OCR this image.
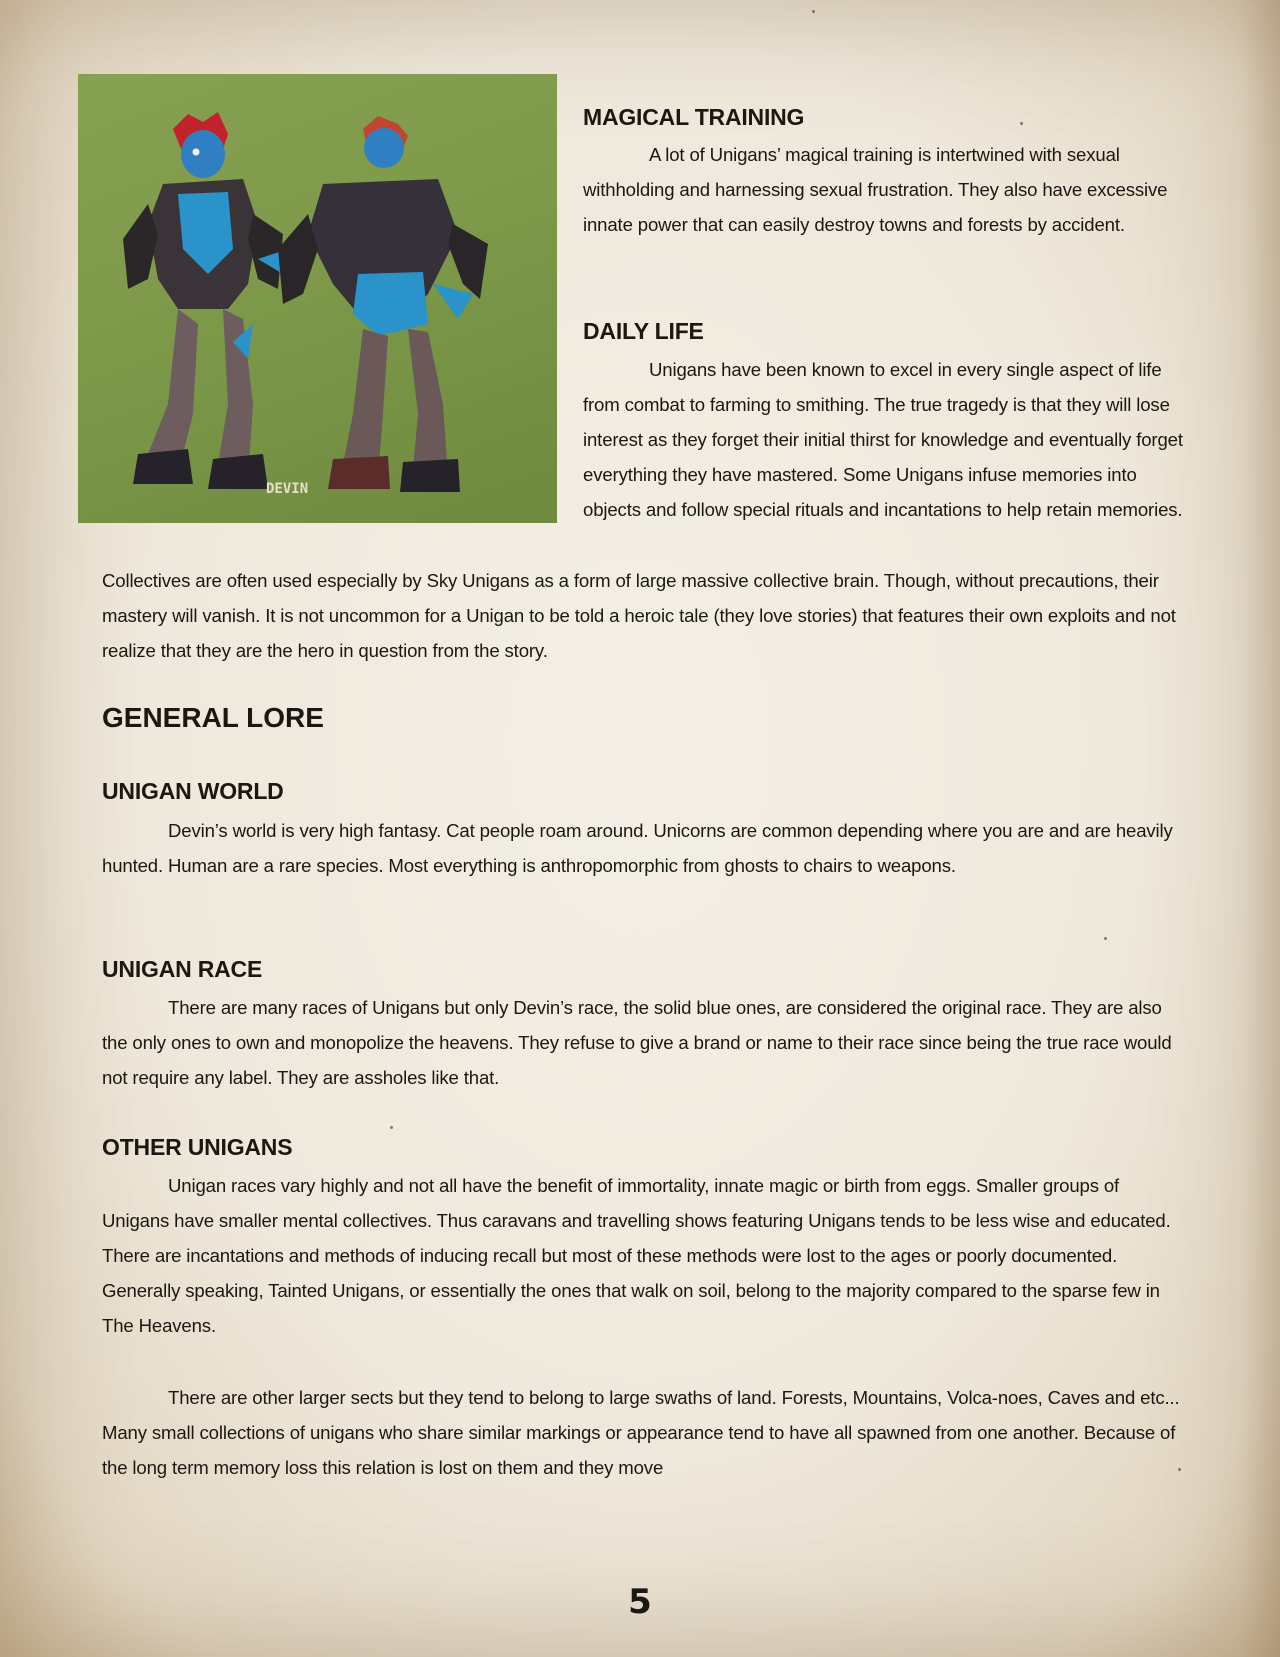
DEVIN
MAGICAL TRAINING

A lot of Unigans’ magical training is intertwined with sexual withholding and harnessing sexual frustration. They also have excessive innate power that can easily destroy towns and forests by accident.

DAILY LIFE

Unigans have been known to excel in every single aspect of life from combat to farming to smithing. The true tragedy is that they will lose interest as they forget their initial thirst for knowledge and eventually forget everything they have mastered. Some Unigans infuse memories into objects and follow special rituals and incantations to help retain memories.

Collectives are often used especially by Sky Unigans as a form of large massive collective brain. Though, without precautions, their mastery will vanish. It is not uncommon for a Unigan to be told a heroic tale (they love stories) that features their own exploits and not realize that they are the hero in question from the story.

GENERAL LORE
UNIGAN WORLD

Devin’s world is very high fantasy. Cat people roam around. Unicorns are common depending where you are and are heavily hunted. Human are a rare species. Most everything is anthropomorphic from ghosts to chairs to weapons.

UNIGAN RACE

There are many races of Unigans but only Devin’s race, the solid blue ones, are considered the original race. They are also the only ones to own and monopolize the heavens. They refuse to give a brand or name to their race since being the true race would not require any label. They are assholes like that.

OTHER UNIGANS

Unigan races vary highly and not all have the benefit of immortality, innate magic or birth from eggs. Smaller groups of Unigans have smaller mental collectives. Thus caravans and travelling shows featuring Unigans tends to be less wise and educated. There are incantations and methods of inducing recall but most of these methods were lost to the ages or poorly documented. Generally speaking, Tainted Unigans, or essentially the ones that walk on soil, belong to the majority compared to the sparse few in The Heavens.

There are other larger sects but they tend to belong to large swaths of land. Forests, Mountains, Volca-noes, Caves and etc... Many small collections of unigans who share similar markings or appearance tend to have all spawned from one another. Because of the long term memory loss this relation is lost on them and they move

5
